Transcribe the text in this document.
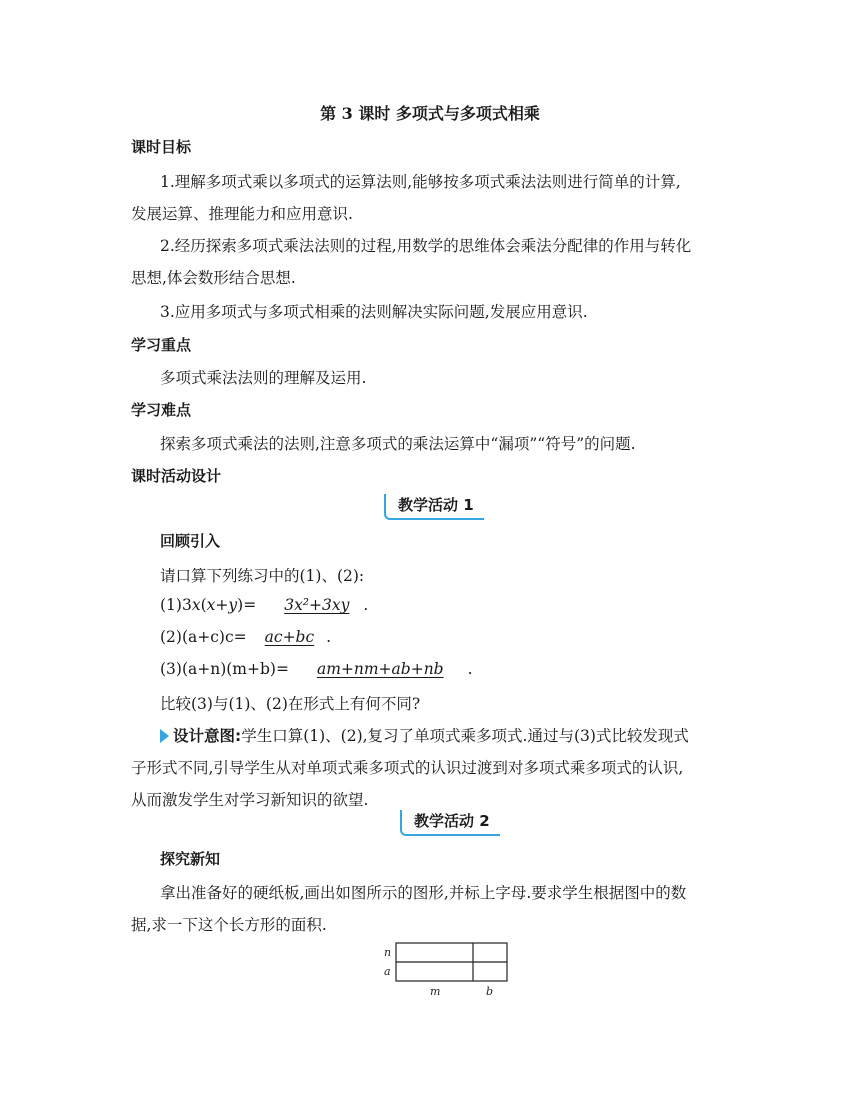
第 3 课时 多项式与多项式相乘
课时目标
1.理解多项式乘以多项式的运算法则,能够按多项式乘法法则进行简单的计算,
发展运算、推理能力和应用意识.
2.经历探索多项式乘法法则的过程,用数学的思维体会乘法分配律的作用与转化
思想,体会数形结合思想.
3.应用多项式与多项式相乘的法则解决实际问题,发展应用意识.
学习重点
多项式乘法法则的理解及运用.
学习难点
探索多项式乘法的法则,注意多项式的乘法运算中“漏项”“符号”的问题.
课时活动设计
教学活动 1
回顾引入
请口算下列练习中的(1)、(2):
(1)3x(x+y)= 3x²+3xy .
(2)(a+c)c= ac+bc .
(3)(a+n)(m+b)= am+nm+ab+nb .
比较(3)与(1)、(2)在形式上有何不同?
设计意图:学生口算(1)、(2),复习了单项式乘多项式.通过与(3)式比较发现式
子形式不同,引导学生从对单项式乘多项式的认识过渡到对多项式乘多项式的认识,
从而激发学生对学习新知识的欲望.
教学活动 2
探究新知
拿出准备好的硬纸板,画出如图所示的图形,并标上字母.要求学生根据图中的数
据,求一下这个长方形的面积.
n
a
m	b
